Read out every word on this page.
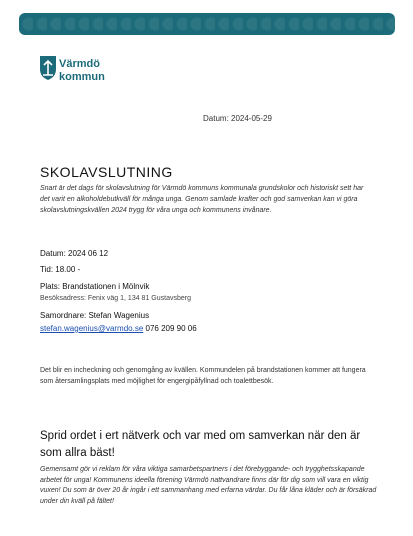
Värmdö
kommun
Datum: 2024-05-29
SKOLAVSLUTNING
Snart är det dags för skolavslutning för Värmdö kommuns kommunala grundskolor och historiskt sett har det varit en alkoholdebutkväll för många unga. Genom samlade krafter och god samverkan kan vi göra skolavslutningskvällen 2024 trygg för våra unga och kommunens invånare.
Datum: 2024 06 12
Tid: 18.00 -
Plats: Brandstationen i Mölnvik
Besöksadress: Fenix väg 1, 134 81 Gustavsberg
Samordnare: Stefan Wagenius
stefan.wagenius@varmdo.se 076 209 90 06
Det blir en incheckning och genomgång av kvällen. Kommundelen på brandstationen kommer att fungera som återsamlingsplats med möjlighet för engergipåfyllnad och toalettbesök.
Sprid ordet i ert nätverk och var med om samverkan när den är som allra bäst!
Gemensamt gör vi reklam för våra viktiga samarbetspartners i det förebyggande- och trygghetsskapande arbetet för unga! Kommunens ideella förening Värmdö nattvandrare finns där för dig som vill vara en viktig vuxen! Du som är över 20 år ingår i ett sammanhang med erfarna värdar. Du får låna kläder och är försäkrad under din kväll på fältet!
